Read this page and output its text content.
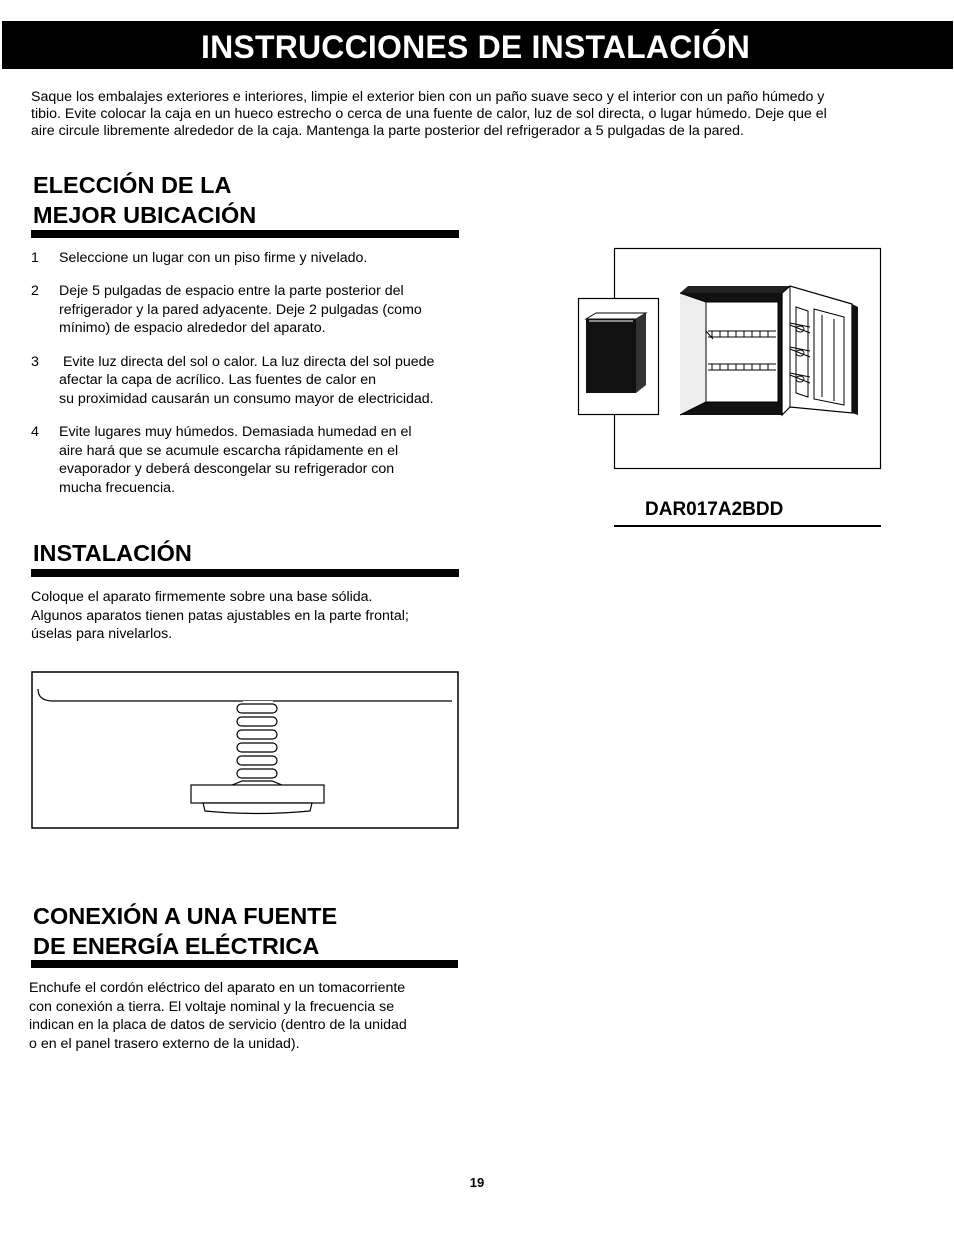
INSTRUCCIONES DE INSTALACIÓN

Saque los embalajes exteriores e interiores, limpie el exterior bien con un paño suave seco y el interior con un paño húmedo y
tibio. Evite colocar la caja en un hueco estrecho o cerca de una fuente de calor, luz de sol directa, o lugar húmedo. Deje que el
aire circule libremente alrededor de la caja. Mantenga la parte posterior del refrigerador a 5 pulgadas de la pared.

ELECCIÓN DE LA
MEJOR UBICACIÓN
1 Seleccione un lugar con un piso firme y nivelado.
2 Deje 5 pulgadas de espacio entre la parte posterior del
refrigerador y la pared adyacente. Deje 2 pulgadas (como
mínimo) de espacio alrededor del aparato.
3 Evite luz directa del sol o calor. La luz directa del sol puede
afectar la capa de acrílico. Las fuentes de calor en
su proximidad causarán un consumo mayor de electricidad.
4 Evite lugares muy húmedos. Demasiada humedad en el
aire hará que se acumule escarcha rápidamente en el
evaporador y deberá descongelar su refrigerador con
mucha frecuencia.
INSTALACIÓN

Coloque el aparato firmemente sobre una base sólida.
Algunos aparatos tienen patas ajustables en la parte frontal;
úselas para nivelarlos.

CONEXIÓN A UNA FUENTE
DE ENERGÍA ELÉCTRICA

Enchufe el cordón eléctrico del aparato en un tomacorriente
con conexión a tierra. El voltaje nominal y la frecuencia se
indican en la placa de datos de servicio (dentro de la unidad
o en el panel trasero externo de la unidad).

DAR017A2BDD

19
